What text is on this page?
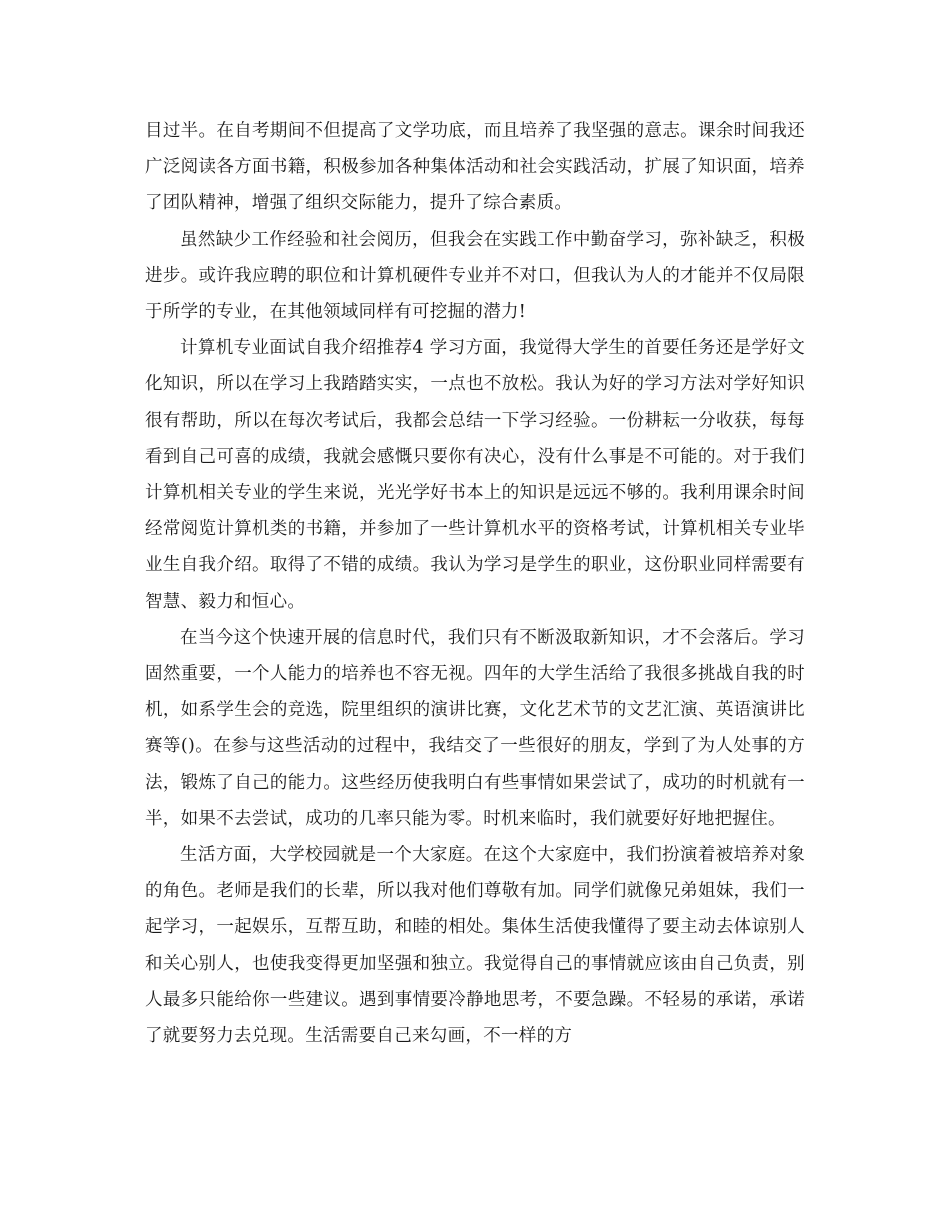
目过半。在自考期间不但提高了文学功底，而且培养了我坚强的意志。课余时间我还广泛阅读各方面书籍，积极参加各种集体活动和社会实践活动，扩展了知识面，培养了团队精神，增强了组织交际能力，提升了综合素质。

虽然缺少工作经验和社会阅历，但我会在实践工作中勤奋学习，弥补缺乏，积极进步。或许我应聘的职位和计算机硬件专业并不对口，但我认为人的才能并不仅局限于所学的专业，在其他领域同样有可挖掘的潜力!

计算机专业面试自我介绍推荐4 学习方面，我觉得大学生的首要任务还是学好文化知识，所以在学习上我踏踏实实，一点也不放松。我认为好的学习方法对学好知识很有帮助，所以在每次考试后，我都会总结一下学习经验。一份耕耘一分收获，每每看到自己可喜的成绩，我就会感慨只要你有决心，没有什么事是不可能的。对于我们计算机相关专业的学生来说，光光学好书本上的知识是远远不够的。我利用课余时间经常阅览计算机类的书籍，并参加了一些计算机水平的资格考试，计算机相关专业毕业生自我介绍。取得了不错的成绩。我认为学习是学生的职业，这份职业同样需要有智慧、毅力和恒心。

在当今这个快速开展的信息时代，我们只有不断汲取新知识，才不会落后。学习固然重要，一个人能力的培养也不容无视。四年的大学生活给了我很多挑战自我的时机，如系学生会的竞选，院里组织的演讲比赛，文化艺术节的文艺汇演、英语演讲比赛等()。在参与这些活动的过程中，我结交了一些很好的朋友，学到了为人处事的方法，锻炼了自己的能力。这些经历使我明白有些事情如果尝试了，成功的时机就有一半，如果不去尝试，成功的几率只能为零。时机来临时，我们就要好好地把握住。

生活方面，大学校园就是一个大家庭。在这个大家庭中，我们扮演着被培养对象的角色。老师是我们的长辈，所以我对他们尊敬有加。同学们就像兄弟姐妹，我们一起学习，一起娱乐，互帮互助，和睦的相处。集体生活使我懂得了要主动去体谅别人和关心别人，也使我变得更加坚强和独立。我觉得自己的事情就应该由自己负责，别人最多只能给你一些建议。遇到事情要冷静地思考，不要急躁。不轻易的承诺，承诺了就要努力去兑现。生活需要自己来勾画，不一样的方
